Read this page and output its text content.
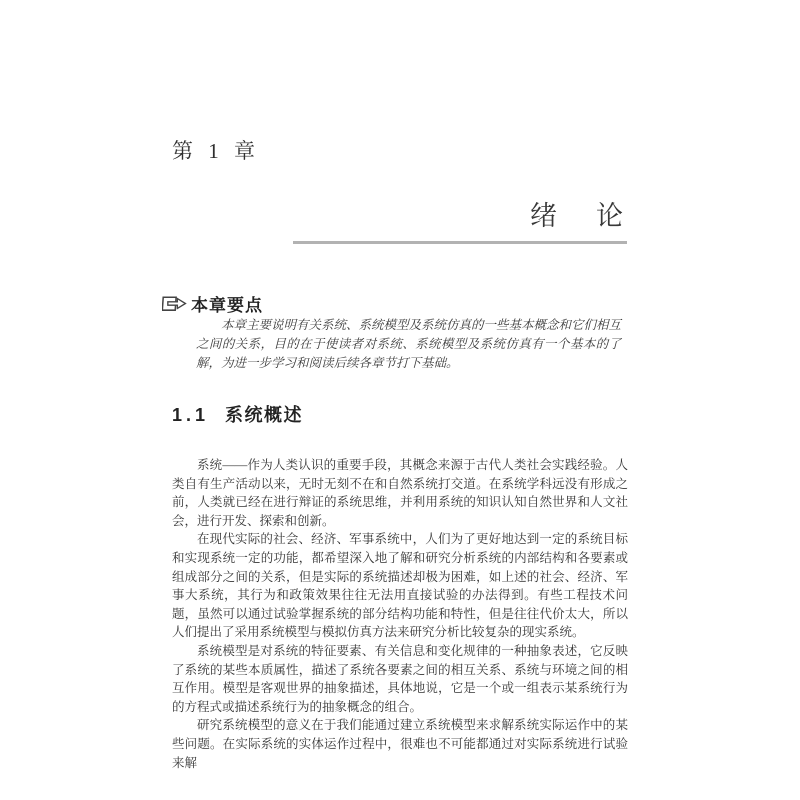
第 1 章
绪　论
本章要点
本章主要说明有关系统、系统模型及系统仿真的一些基本概念和它们相互之间的关系，目的在于使读者对系统、系统模型及系统仿真有一个基本的了解，为进一步学习和阅读后续各章节打下基础。
1.1 系统概述

系统——作为人类认识的重要手段，其概念来源于古代人类社会实践经验。人类自有生产活动以来，无时无刻不在和自然系统打交道。在系统学科远没有形成之前，人类就已经在进行辩证的系统思维，并利用系统的知识认知自然世界和人文社会，进行开发、探索和创新。

在现代实际的社会、经济、军事系统中，人们为了更好地达到一定的系统目标和实现系统一定的功能，都希望深入地了解和研究分析系统的内部结构和各要素或组成部分之间的关系，但是实际的系统描述却极为困难，如上述的社会、经济、军事大系统，其行为和政策效果往往无法用直接试验的办法得到。有些工程技术问题，虽然可以通过试验掌握系统的部分结构功能和特性，但是往往代价太大，所以人们提出了采用系统模型与模拟仿真方法来研究分析比较复杂的现实系统。

系统模型是对系统的特征要素、有关信息和变化规律的一种抽象表述，它反映了系统的某些本质属性，描述了系统各要素之间的相互关系、系统与环境之间的相互作用。模型是客观世界的抽象描述，具体地说，它是一个或一组表示某系统行为的方程式或描述系统行为的抽象概念的组合。

研究系统模型的意义在于我们能通过建立系统模型来求解系统实际运作中的某些问题。在实际系统的实体运作过程中，很难也不可能都通过对实际系统进行试验来解
